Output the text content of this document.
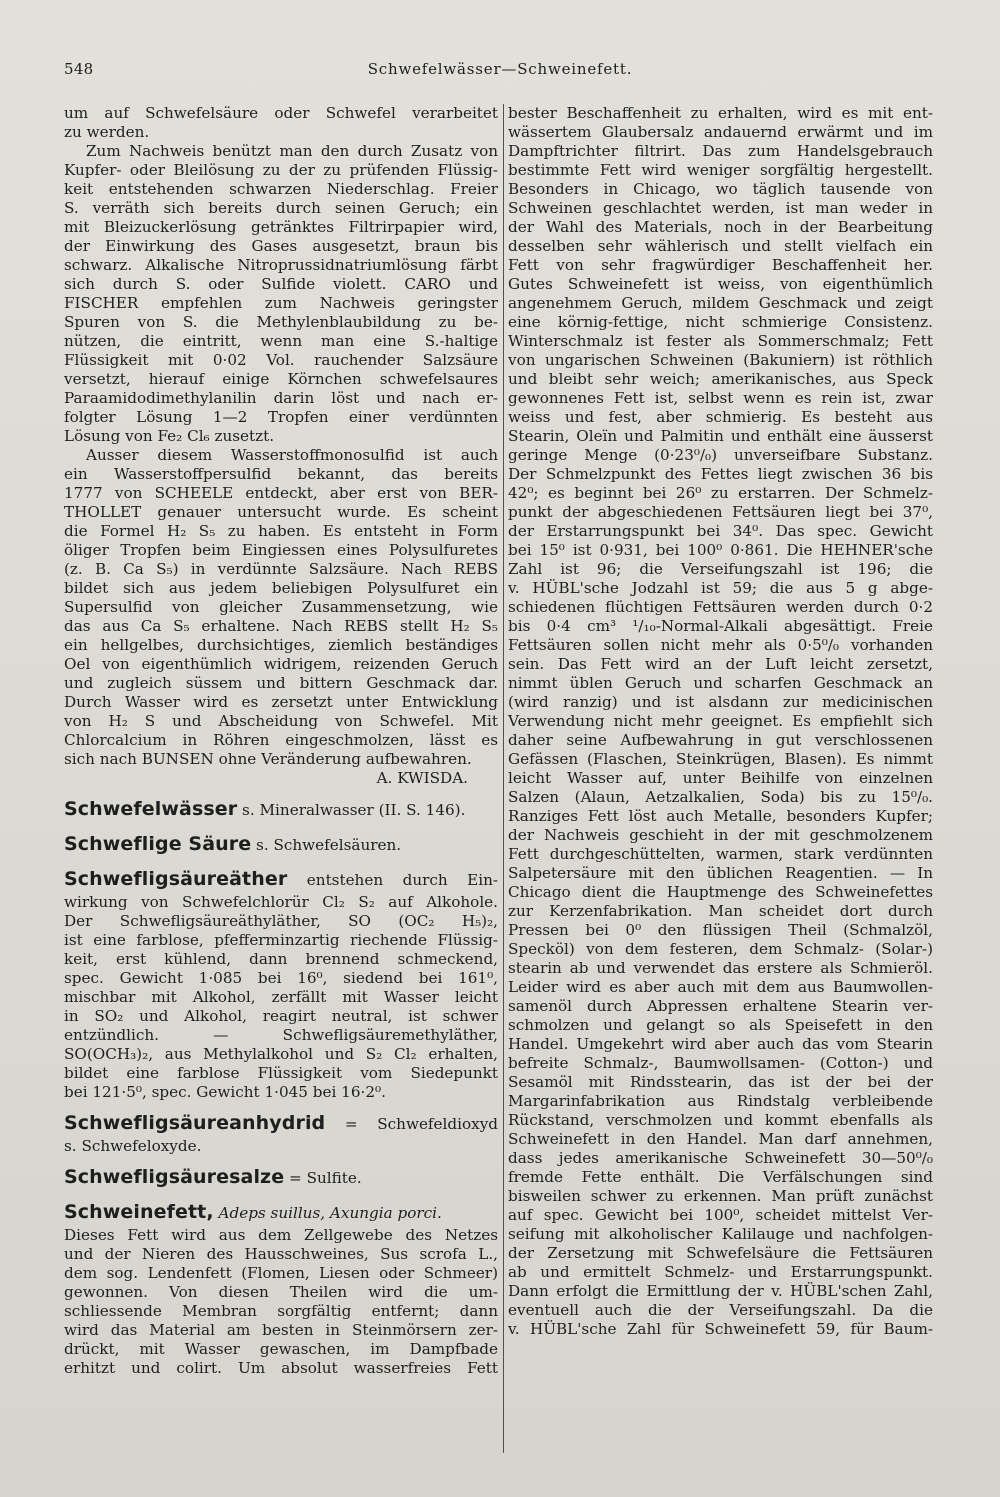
548	Schwefelwässer—Schweinefett.
um auf Schwefelsäure oder Schwefel verarbeitet
zu werden.
Zum Nachweis benützt man den durch Zusatz von
Kupfer- oder Bleilösung zu der zu prüfenden Flüssig-
keit entstehenden schwarzen Niederschlag. Freier
S. verräth sich bereits durch seinen Geruch; ein
mit Bleizuckerlösung getränktes Filtrirpapier wird,
der Einwirkung des Gases ausgesetzt, braun bis
schwarz. Alkalische Nitroprussidnatriumlösung färbt
sich durch S. oder Sulfide violett. CARO und
FISCHER empfehlen zum Nachweis geringster
Spuren von S. die Methylenblaubildung zu be-
nützen, die eintritt, wenn man eine S.-haltige
Flüssigkeit mit 0·02 Vol. rauchender Salzsäure
versetzt, hierauf einige Körnchen schwefelsaures
Paraamidodimethylanilin darin löst und nach er-
folgter Lösung 1—2 Tropfen einer verdünnten
Lösung von Fe₂ Cl₆ zusetzt.
Ausser diesem Wasserstoffmonosulfid ist auch
ein Wasserstoffpersulfid bekannt, das bereits
1777 von SCHEELE entdeckt, aber erst von BER-
THOLLET genauer untersucht wurde. Es scheint
die Formel H₂ S₅ zu haben. Es entsteht in Form
öliger Tropfen beim Eingiessen eines Polysulfuretes
(z. B. Ca S₅) in verdünnte Salzsäure. Nach REBS
bildet sich aus jedem beliebigen Polysulfuret ein
Supersulfid von gleicher Zusammensetzung, wie
das aus Ca S₅ erhaltene. Nach REBS stellt H₂ S₅
ein hellgelbes, durchsichtiges, ziemlich beständiges
Oel von eigenthümlich widrigem, reizenden Geruch
und zugleich süssem und bittern Geschmack dar.
Durch Wasser wird es zersetzt unter Entwicklung
von H₂ S und Abscheidung von Schwefel. Mit
Chlorcalcium in Röhren eingeschmolzen, lässt es
sich nach BUNSEN ohne Veränderung aufbewahren.
A. KWISDA.
Schwefelwässer s. Mineralwasser (II. S. 146).
Schweflige Säure s. Schwefelsäuren.
Schwefligsäureäther entstehen durch Ein-
wirkung von Schwefelchlorür Cl₂ S₂ auf Alkohole.
Der Schwefligsäureäthyläther, SO (OC₂ H₅)₂,
ist eine farblose, pfefferminzartig riechende Flüssig-
keit, erst kühlend, dann brennend schmeckend,
spec. Gewicht 1·085 bei 16⁰, siedend bei 161⁰,
mischbar mit Alkohol, zerfällt mit Wasser leicht
in SO₂ und Alkohol, reagirt neutral, ist schwer
entzündlich. — Schwefligsäuremethyläther,
SO(OCH₃)₂, aus Methylalkohol und S₂ Cl₂ erhalten,
bildet eine farblose Flüssigkeit vom Siedepunkt
bei 121·5⁰, spec. Gewicht 1·045 bei 16·2⁰.
Schwefligsäureanhydrid = Schwefeldioxyd
s. Schwefeloxyde.
Schwefligsäuresalze = Sulfite.
Schweinefett, Adeps suillus, Axungia porci.
Dieses Fett wird aus dem Zellgewebe des Netzes
und der Nieren des Hausschweines, Sus scrofa L.,
dem sog. Lendenfett (Flomen, Liesen oder Schmeer)
gewonnen. Von diesen Theilen wird die um-
schliessende Membran sorgfältig entfernt; dann
wird das Material am besten in Steinmörsern zer-
drückt, mit Wasser gewaschen, im Dampfbade
erhitzt und colirt. Um absolut wasserfreies Fett
bester Beschaffenheit zu erhalten, wird es mit ent-
wässertem Glaubersalz andauernd erwärmt und im
Dampftrichter filtrirt. Das zum Handelsgebrauch
bestimmte Fett wird weniger sorgfältig hergestellt.
Besonders in Chicago, wo täglich tausende von
Schweinen geschlachtet werden, ist man weder in
der Wahl des Materials, noch in der Bearbeitung
desselben sehr wählerisch und stellt vielfach ein
Fett von sehr fragwürdiger Beschaffenheit her.
Gutes Schweinefett ist weiss, von eigenthümlich
angenehmem Geruch, mildem Geschmack und zeigt
eine körnig-fettige, nicht schmierige Consistenz.
Winterschmalz ist fester als Sommerschmalz; Fett
von ungarischen Schweinen (Bakuniern) ist röthlich
und bleibt sehr weich; amerikanisches, aus Speck
gewonnenes Fett ist, selbst wenn es rein ist, zwar
weiss und fest, aber schmierig. Es besteht aus
Stearin, Oleïn und Palmitin und enthält eine äusserst
geringe Menge (0·23⁰/₀) unverseifbare Substanz.
Der Schmelzpunkt des Fettes liegt zwischen 36 bis
42⁰; es beginnt bei 26⁰ zu erstarren. Der Schmelz-
punkt der abgeschiedenen Fettsäuren liegt bei 37⁰,
der Erstarrungspunkt bei 34⁰. Das spec. Gewicht
bei 15⁰ ist 0·931, bei 100⁰ 0·861. Die HEHNER'sche
Zahl ist 96; die Verseifungszahl ist 196; die
v. HÜBL'sche Jodzahl ist 59; die aus 5 g abge-
schiedenen flüchtigen Fettsäuren werden durch 0·2
bis 0·4 cm³ ¹/₁₀-Normal-Alkali abgesättigt. Freie
Fettsäuren sollen nicht mehr als 0·5⁰/₀ vorhanden
sein. Das Fett wird an der Luft leicht zersetzt,
nimmt üblen Geruch und scharfen Geschmack an
(wird ranzig) und ist alsdann zur medicinischen
Verwendung nicht mehr geeignet. Es empfiehlt sich
daher seine Aufbewahrung in gut verschlossenen
Gefässen (Flaschen, Steinkrügen, Blasen). Es nimmt
leicht Wasser auf, unter Beihilfe von einzelnen
Salzen (Alaun, Aetzalkalien, Soda) bis zu 15⁰/₀.
Ranziges Fett löst auch Metalle, besonders Kupfer;
der Nachweis geschieht in der mit geschmolzenem
Fett durchgeschüttelten, warmen, stark verdünnten
Salpetersäure mit den üblichen Reagentien. — In
Chicago dient die Hauptmenge des Schweinefettes
zur Kerzenfabrikation. Man scheidet dort durch
Pressen bei 0⁰ den flüssigen Theil (Schmalzöl,
Specköl) von dem festeren, dem Schmalz- (Solar-)
stearin ab und verwendet das erstere als Schmieröl.
Leider wird es aber auch mit dem aus Baumwollen-
samenöl durch Abpressen erhaltene Stearin ver-
schmolzen und gelangt so als Speisefett in den
Handel. Umgekehrt wird aber auch das vom Stearin
befreite Schmalz-, Baumwollsamen- (Cotton-) und
Sesamöl mit Rindsstearin, das ist der bei der
Margarinfabrikation aus Rindstalg verbleibende
Rückstand, verschmolzen und kommt ebenfalls als
Schweinefett in den Handel. Man darf annehmen,
dass jedes amerikanische Schweinefett 30—50⁰/₀
fremde Fette enthält. Die Verfälschungen sind
bisweilen schwer zu erkennen. Man prüft zunächst
auf spec. Gewicht bei 100⁰, scheidet mittelst Ver-
seifung mit alkoholischer Kalilauge und nachfolgen-
der Zersetzung mit Schwefelsäure die Fettsäuren
ab und ermittelt Schmelz- und Erstarrungspunkt.
Dann erfolgt die Ermittlung der v. HÜBL'schen Zahl,
eventuell auch die der Verseifungszahl. Da die
v. HÜBL'sche Zahl für Schweinefett 59, für Baum-
